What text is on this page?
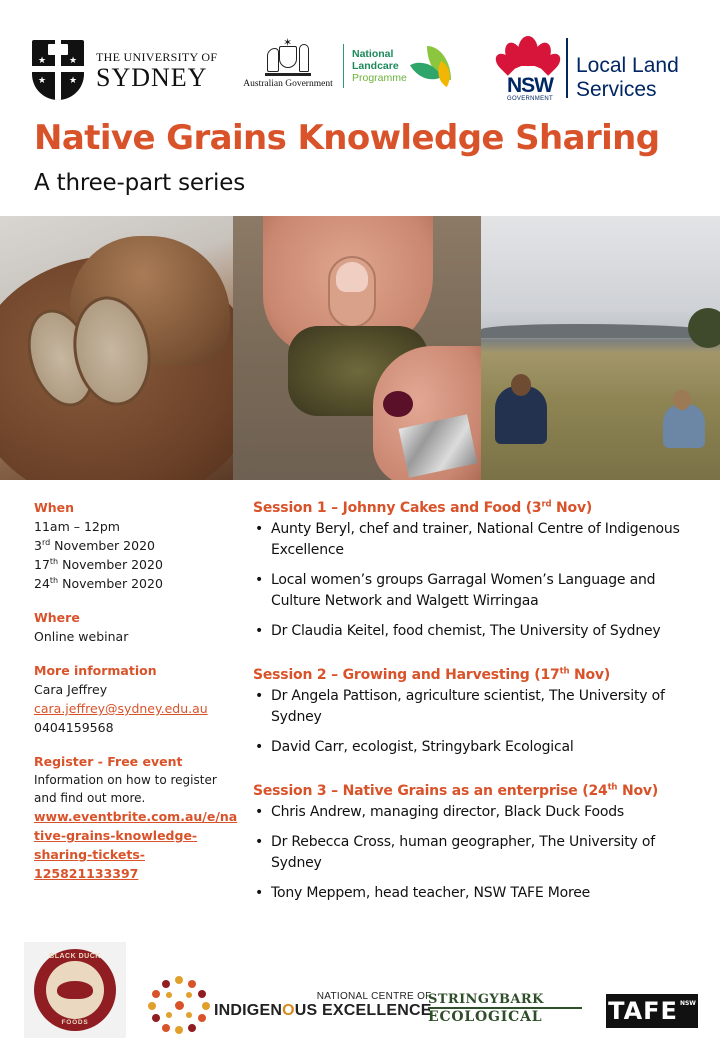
★	★
★	★
THE UNIVERSITY OF
SYDNEY
✶
Australian Government
National
Landcare
Programme	NSW
GOVERNMENT
Local Land
Services
Native Grains Knowledge Sharing
A three-part series
When
11am – 12pm
3rd November 2020
17th November 2020
24th November 2020
Where
Online webinar
More information
Cara Jeffrey
cara.jeffrey@sydney.edu.au
0404159568
Register - Free event
Information on how to register
and find out more.
www.eventbrite.com.au/e/na
tive-grains-knowledge-
sharing-tickets-
125821133397
Session 1 – Johnny Cakes and Food (3rd Nov)
• Aunty Beryl, chef and trainer, National Centre of Indigenous Excellence
• Local women’s groups Garragal Women’s Language and Culture Network and Walgett Wirringaa
• Dr Claudia Keitel, food chemist, The University of Sydney
Session 2 – Growing and Harvesting (17th Nov)
• Dr Angela Pattison, agriculture scientist, The University of Sydney
• David Carr, ecologist, Stringybark Ecological
Session 3 – Native Grains as an enterprise (24th Nov)
• Chris Andrew, managing director, Black Duck Foods
• Dr Rebecca Cross, human geographer, The University of Sydney
• Tony Meppem, head teacher, NSW TAFE Moree
BLACK DUCK
FOODS
NATIONAL CENTRE OF
INDIGENOUS EXCELLENCE
STRINGYBARK
ECOLOGICAL	TAFE NSW
